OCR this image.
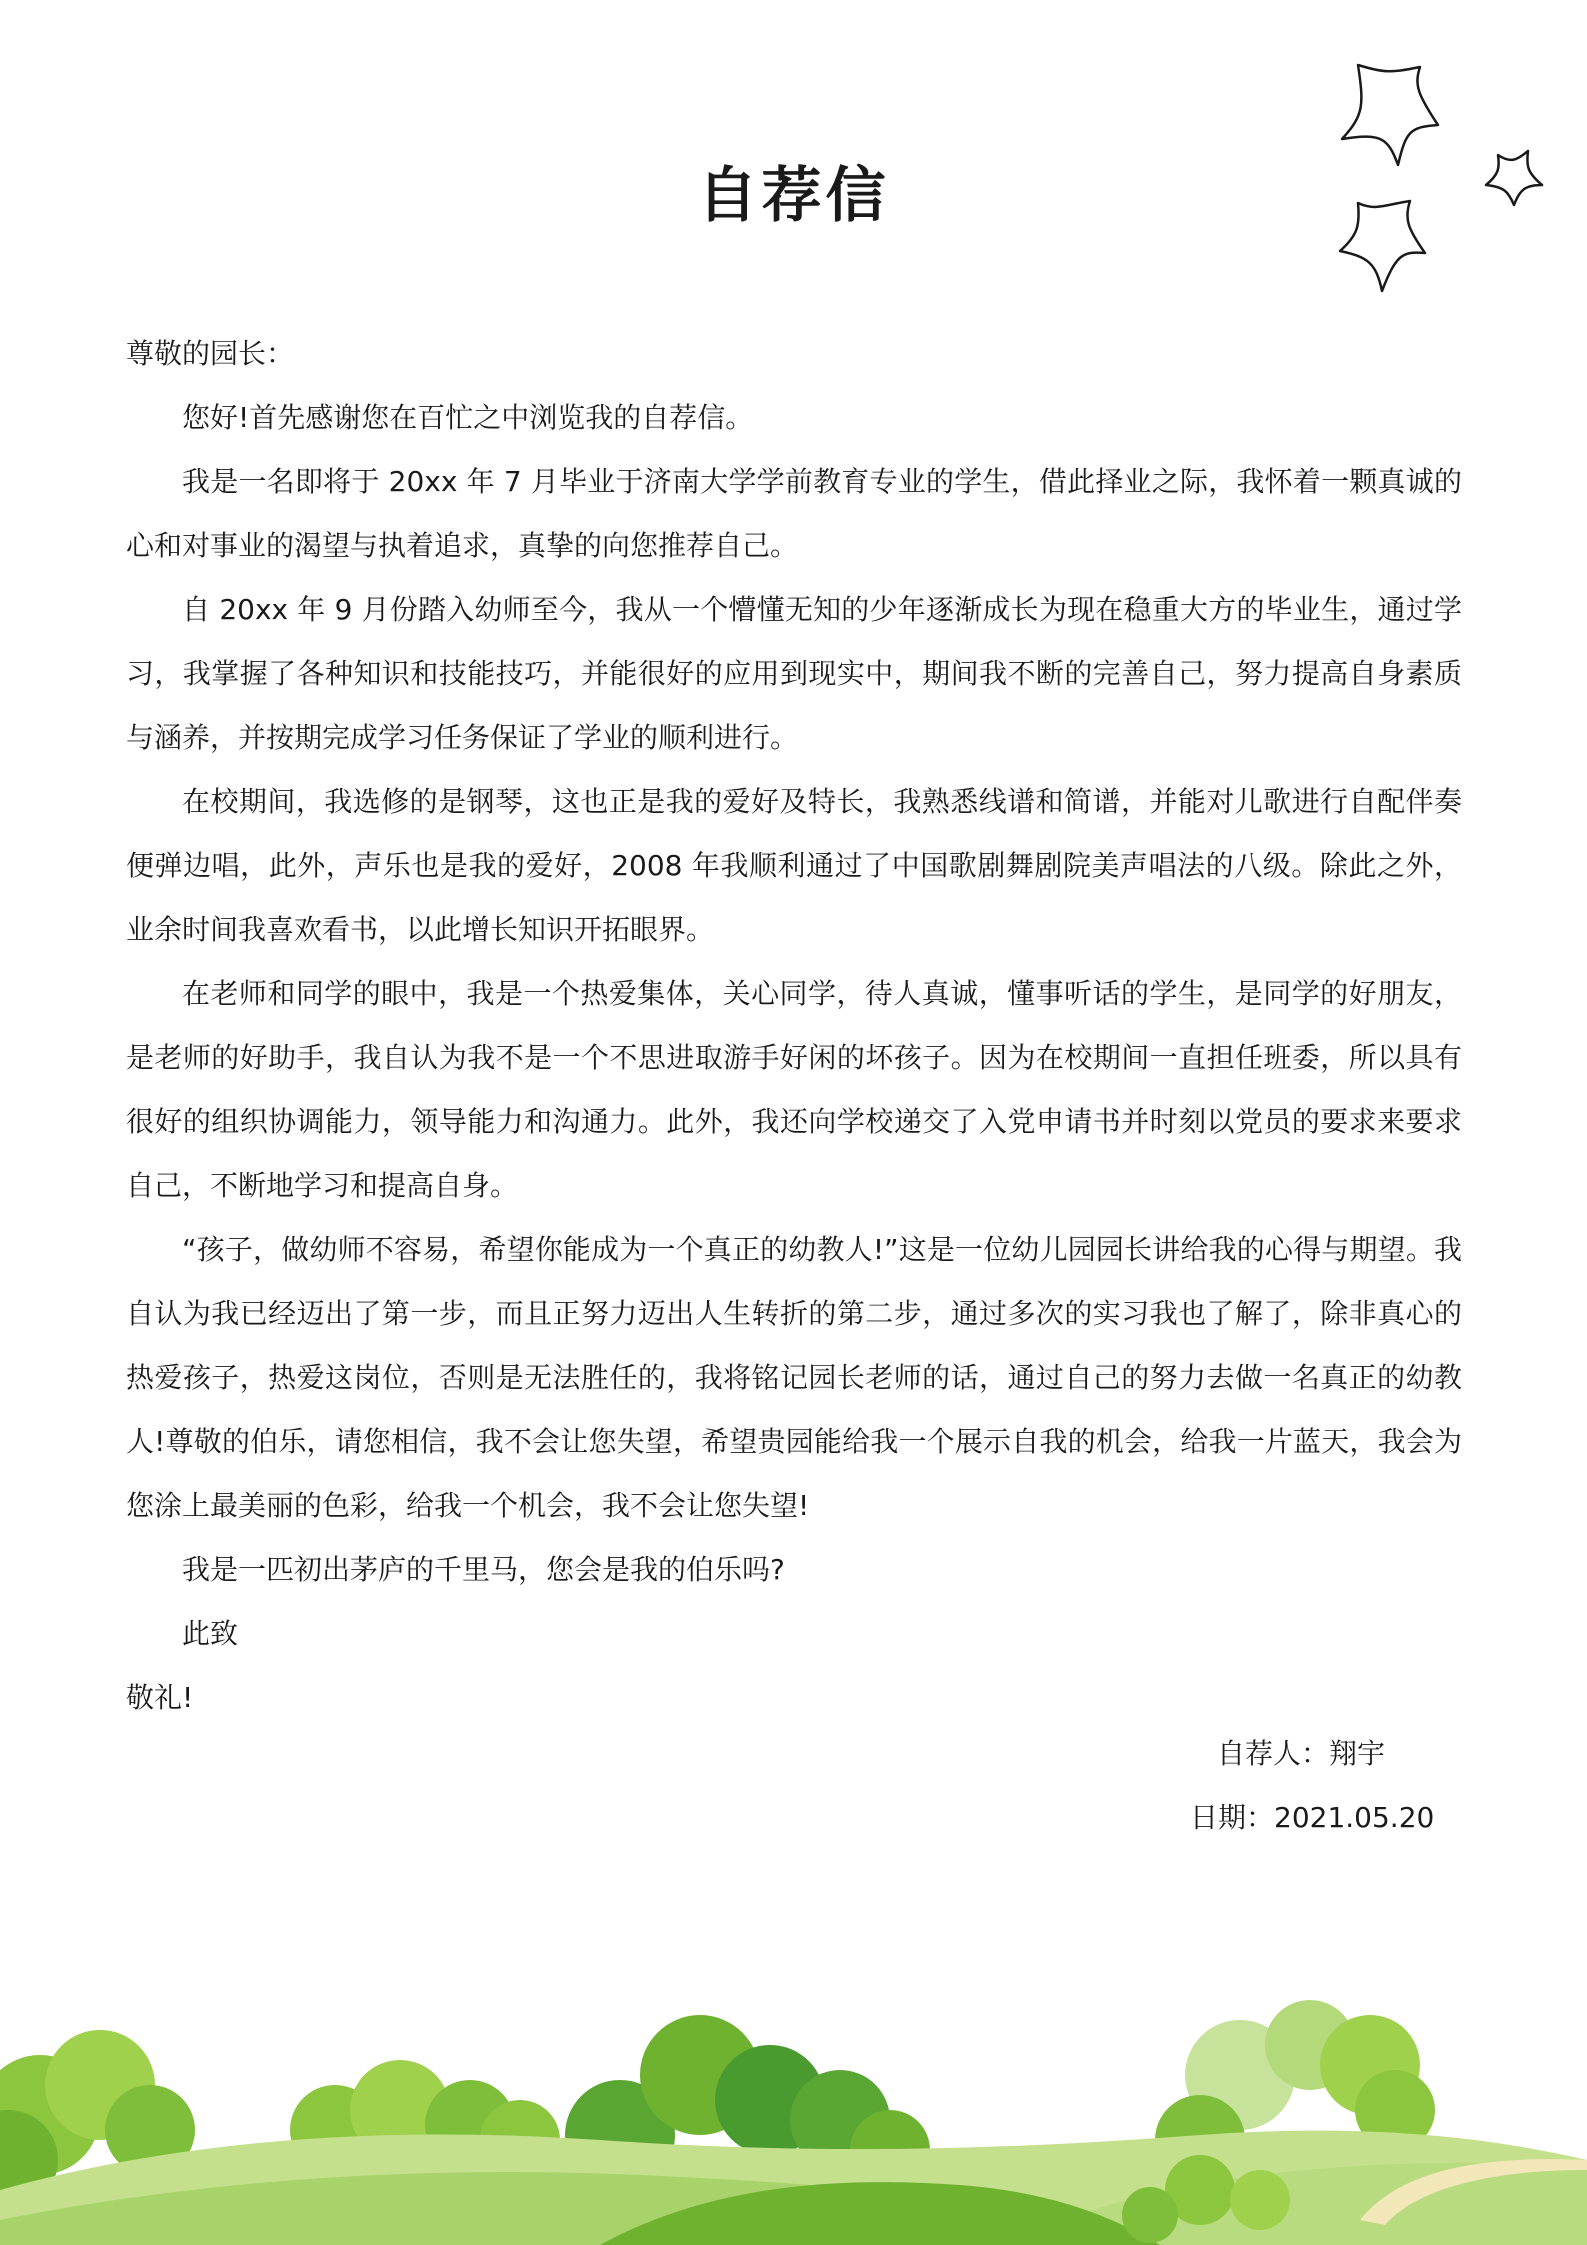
自荐信

尊敬的园长：

您好!首先感谢您在百忙之中浏览我的自荐信。

我是一名即将于 20xx 年 7 月毕业于济南大学学前教育专业的学生，借此择业之际，我怀着一颗真诚的心和对事业的渴望与执着追求，真挚的向您推荐自己。

自 20xx 年 9 月份踏入幼师至今，我从一个懵懂无知的少年逐渐成长为现在稳重大方的毕业生，通过学习，我掌握了各种知识和技能技巧，并能很好的应用到现实中，期间我不断的完善自己，努力提高自身素质与涵养，并按期完成学习任务保证了学业的顺利进行。

在校期间，我选修的是钢琴，这也正是我的爱好及特长，我熟悉线谱和简谱，并能对儿歌进行自配伴奏便弹边唱，此外，声乐也是我的爱好，2008 年我顺利通过了中国歌剧舞剧院美声唱法的八级。除此之外，业余时间我喜欢看书，以此增长知识开拓眼界。

在老师和同学的眼中，我是一个热爱集体，关心同学，待人真诚，懂事听话的学生，是同学的好朋友，是老师的好助手，我自认为我不是一个不思进取游手好闲的坏孩子。因为在校期间一直担任班委，所以具有很好的组织协调能力，领导能力和沟通力。此外，我还向学校递交了入党申请书并时刻以党员的要求来要求自己，不断地学习和提高自身。

“孩子，做幼师不容易，希望你能成为一个真正的幼教人!”这是一位幼儿园园长讲给我的心得与期望。我自认为我已经迈出了第一步，而且正努力迈出人生转折的第二步，通过多次的实习我也了解了，除非真心的热爱孩子，热爱这岗位，否则是无法胜任的，我将铭记园长老师的话，通过自己的努力去做一名真正的幼教人!尊敬的伯乐，请您相信，我不会让您失望，希望贵园能给我一个展示自我的机会，给我一片蓝天，我会为您涂上最美丽的色彩，给我一个机会，我不会让您失望!

我是一匹初出茅庐的千里马，您会是我的伯乐吗?

此致

敬礼!

自荐人：翔宇
日期：2021.05.20
